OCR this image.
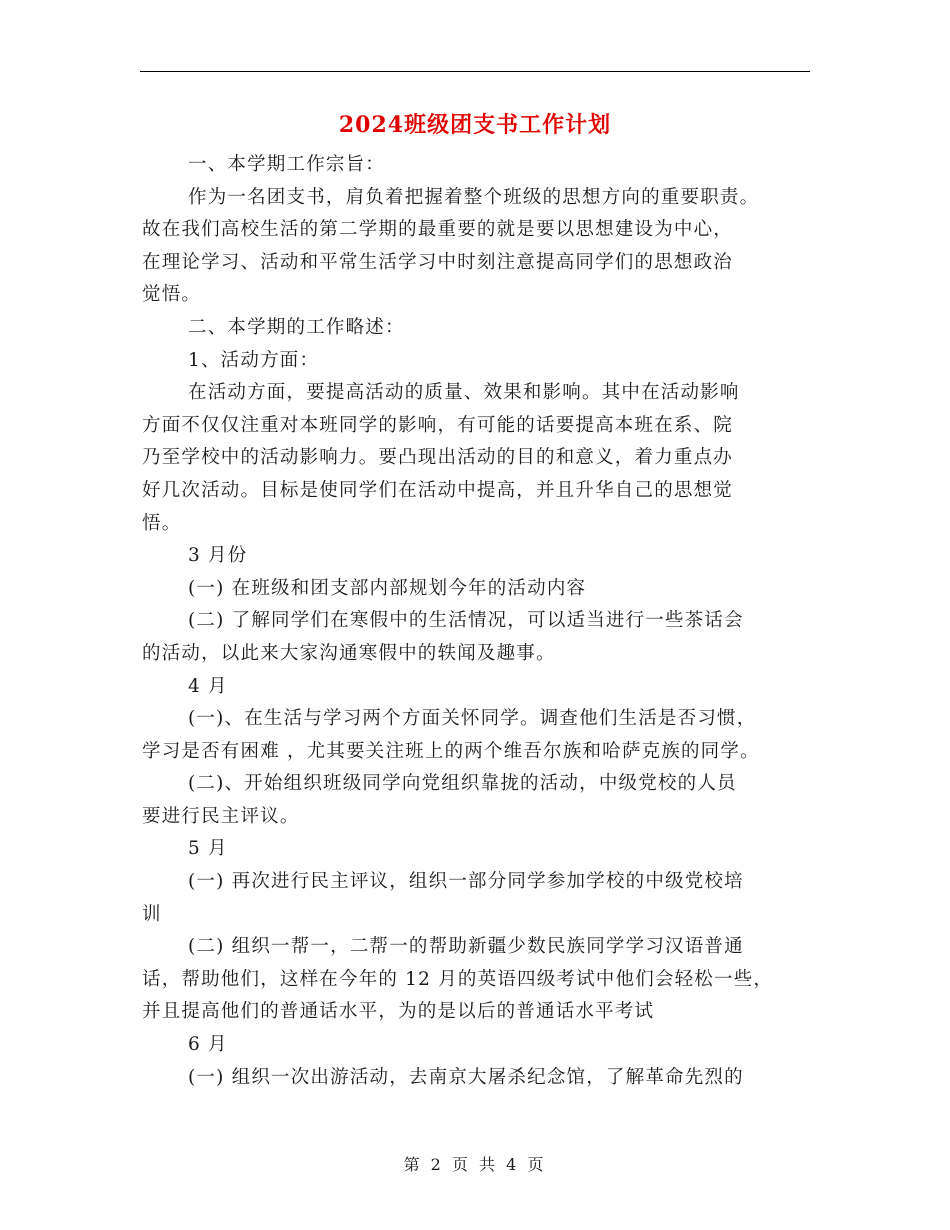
2024班级团支书工作计划
一、本学期工作宗旨：
作为一名团支书，肩负着把握着整个班级的思想方向的重要职责。
故在我们高校生活的第二学期的最重要的就是要以思想建设为中心，
在理论学习、活动和平常生活学习中时刻注意提高同学们的思想政治
觉悟。
二、本学期的工作略述：
1、活动方面：
在活动方面，要提高活动的质量、效果和影响。其中在活动影响
方面不仅仅注重对本班同学的影响，有可能的话要提高本班在系、院
乃至学校中的活动影响力。要凸现出活动的目的和意义，着力重点办
好几次活动。目标是使同学们在活动中提高，并且升华自己的思想觉
悟。
3 月份
(一) 在班级和团支部内部规划今年的活动内容
(二) 了解同学们在寒假中的生活情况，可以适当进行一些茶话会
的活动，以此来大家沟通寒假中的轶闻及趣事。
4 月
(一)、在生活与学习两个方面关怀同学。调查他们生活是否习惯，
学习是否有困难 ，尤其要关注班上的两个维吾尔族和哈萨克族的同学。
(二)、开始组织班级同学向党组织靠拢的活动，中级党校的人员
要进行民主评议。
5 月
(一) 再次进行民主评议，组织一部分同学参加学校的中级党校培
训
(二) 组织一帮一，二帮一的帮助新疆少数民族同学学习汉语普通
话，帮助他们，这样在今年的 12 月的英语四级考试中他们会轻松一些，
并且提高他们的普通话水平，为的是以后的普通话水平考试
6 月
(一) 组织一次出游活动，去南京大屠杀纪念馆，了解革命先烈的
第 2 页 共 4 页
